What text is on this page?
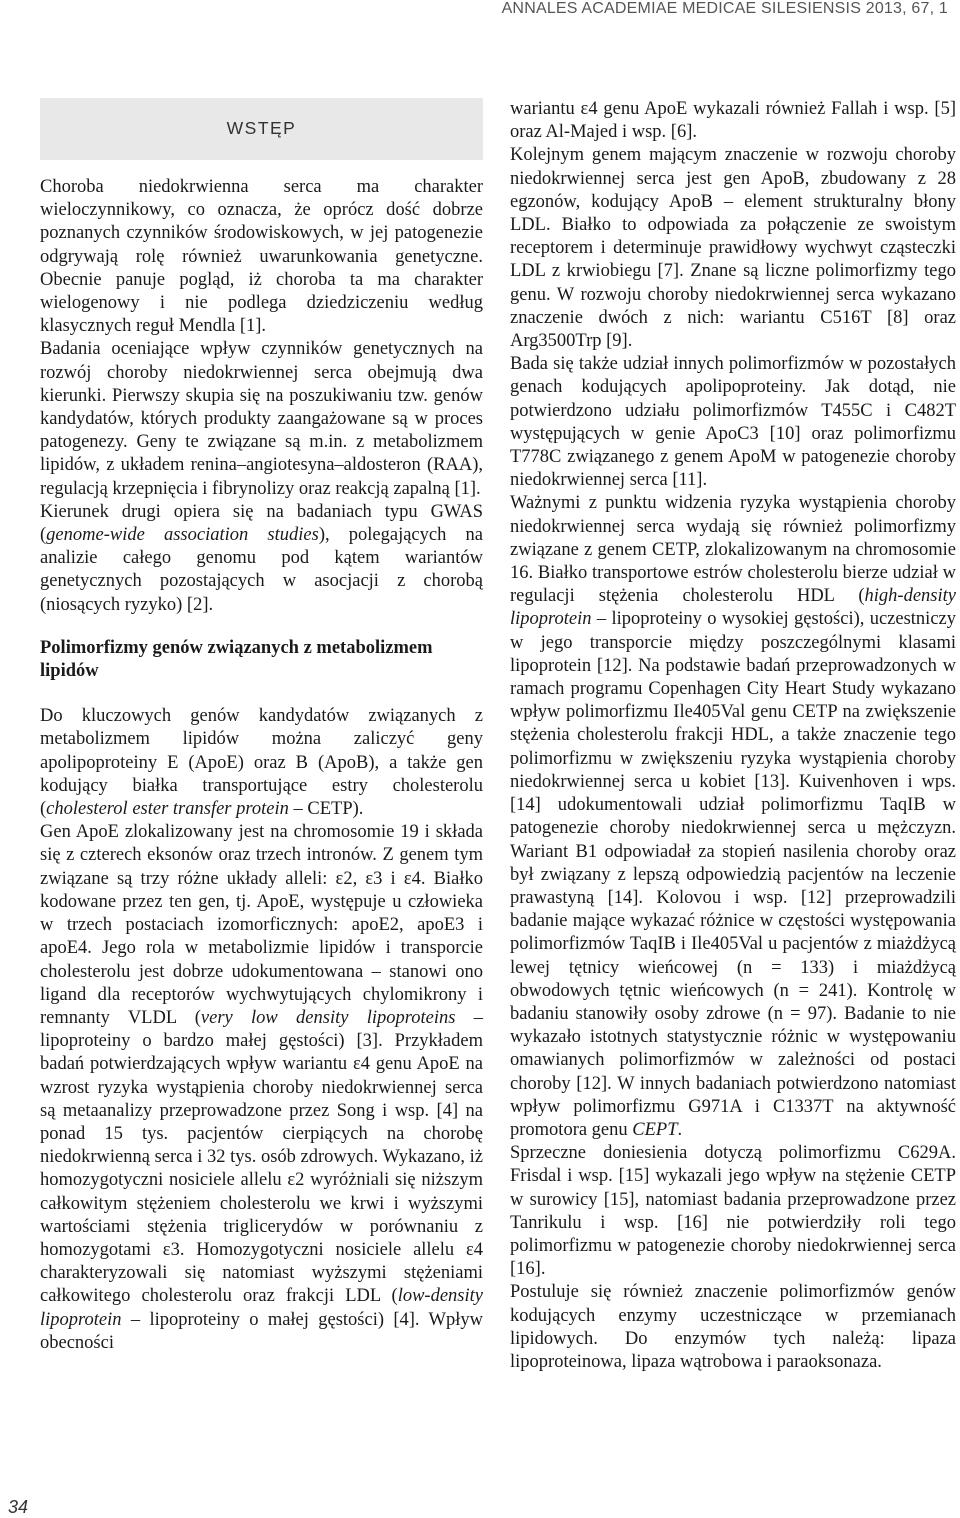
ANNALES ACADEMIAE MEDICAE SILESIENSIS 2013, 67, 1
WSTĘP

Choroba niedokrwienna serca ma charakter wieloczynnikowy, co oznacza, że oprócz dość dobrze poznanych czynników środowiskowych, w jej patogenezie odgrywają rolę również uwarunkowania genetyczne. Obecnie panuje pogląd, iż choroba ta ma charakter wielogenowy i nie podlega dziedziczeniu według klasycznych reguł Mendla [1].

Badania oceniające wpływ czynników genetycznych na rozwój choroby niedokrwiennej serca obejmują dwa kierunki. Pierwszy skupia się na poszukiwaniu tzw. genów kandydatów, których produkty zaangażowane są w proces patogenezy. Geny te związane są m.in. z metabolizmem lipidów, z układem renina–angiotesyna–aldosteron (RAA), regulacją krzepnięcia i fibrynolizy oraz reakcją zapalną [1].

Kierunek drugi opiera się na badaniach typu GWAS (genome-wide association studies), polegających na analizie całego genomu pod kątem wariantów genetycznych pozostających w asocjacji z chorobą (niosących ryzyko) [2].

Polimorfizmy genów związanych z metabolizmem lipidów

Do kluczowych genów kandydatów związanych z metabolizmem lipidów można zaliczyć geny apolipoproteiny E (ApoE) oraz B (ApoB), a także gen kodujący białka transportujące estry cholesterolu (cholesterol ester transfer protein – CETP).

Gen ApoE zlokalizowany jest na chromosomie 19 i składa się z czterech eksonów oraz trzech intronów. Z genem tym związane są trzy różne układy alleli: ε2, ε3 i ε4. Białko kodowane przez ten gen, tj. ApoE, występuje u człowieka w trzech postaciach izomorficznych: apoE2, apoE3 i apoE4. Jego rola w metabolizmie lipidów i transporcie cholesterolu jest dobrze udokumentowana – stanowi ono ligand dla receptorów wychwytujących chylomikrony i remnanty VLDL (very low density lipoproteins – lipoproteiny o bardzo małej gęstości) [3]. Przykładem badań potwierdzających wpływ wariantu ε4 genu ApoE na wzrost ryzyka wystąpienia choroby niedokrwiennej serca są metaanalizy przeprowadzone przez Song i wsp. [4] na ponad 15 tys. pacjentów cierpiących na chorobę niedokrwienną serca i 32 tys. osób zdrowych. Wykazano, iż homozygotyczni nosiciele allelu ε2 wyróżniali się niższym całkowitym stężeniem cholesterolu we krwi i wyższymi wartościami stężenia triglicerydów w porównaniu z homozygotami ε3. Homozygotyczni nosiciele allelu ε4 charakteryzowali się natomiast wyższymi stężeniami całkowitego cholesterolu oraz frakcji LDL (low-density lipoprotein – lipoproteiny o małej gęstości) [4]. Wpływ obecności

wariantu ε4 genu ApoE wykazali również Fallah i wsp. [5] oraz Al-Majed i wsp. [6].

Kolejnym genem mającym znaczenie w rozwoju choroby niedokrwiennej serca jest gen ApoB, zbudowany z 28 egzonów, kodujący ApoB – element strukturalny błony LDL. Białko to odpowiada za połączenie ze swoistym receptorem i determinuje prawidłowy wychwyt cząsteczki LDL z krwiobiegu [7]. Znane są liczne polimorfizmy tego genu. W rozwoju choroby niedokrwiennej serca wykazano znaczenie dwóch z nich: wariantu C516T [8] oraz Arg3500Trp [9].

Bada się także udział innych polimorfizmów w pozostałych genach kodujących apolipoproteiny. Jak dotąd, nie potwierdzono udziału polimorfizmów T455C i C482T występujących w genie ApoC3 [10] oraz polimorfizmu T778C związanego z genem ApoM w patogenezie choroby niedokrwiennej serca [11].

Ważnymi z punktu widzenia ryzyka wystąpienia choroby niedokrwiennej serca wydają się również polimorfizmy związane z genem CETP, zlokalizowanym na chromosomie 16. Białko transportowe estrów cholesterolu bierze udział w regulacji stężenia cholesterolu HDL (high-density lipoprotein – lipoproteiny o wysokiej gęstości), uczestniczy w jego transporcie między poszczególnymi klasami lipoprotein [12]. Na podstawie badań przeprowadzonych w ramach programu Copenhagen City Heart Study wykazano wpływ polimorfizmu Ile405Val genu CETP na zwiększenie stężenia cholesterolu frakcji HDL, a także znaczenie tego polimorfizmu w zwiększeniu ryzyka wystąpienia choroby niedokrwiennej serca u kobiet [13]. Kuivenhoven i wps. [14] udokumentowali udział polimorfizmu TaqIB w patogenezie choroby niedokrwiennej serca u mężczyzn. Wariant B1 odpowiadał za stopień nasilenia choroby oraz był związany z lepszą odpowiedzią pacjentów na leczenie prawastyną [14]. Kolovou i wsp. [12] przeprowadzili badanie mające wykazać różnice w częstości występowania polimorfizmów TaqIB i Ile405Val u pacjentów z miażdżycą lewej tętnicy wieńcowej (n = 133) i miażdżycą obwodowych tętnic wieńcowych (n = 241). Kontrolę w badaniu stanowiły osoby zdrowe (n = 97). Badanie to nie wykazało istotnych statystycznie różnic w występowaniu omawianych polimorfizmów w zależności od postaci choroby [12]. W innych badaniach potwierdzono natomiast wpływ polimorfizmu G971A i C1337T na aktywność promotora genu CEPT.

Sprzeczne doniesienia dotyczą polimorfizmu C629A. Frisdal i wsp. [15] wykazali jego wpływ na stężenie CETP w surowicy [15], natomiast badania przeprowadzone przez Tanrikulu i wsp. [16] nie potwierdziły roli tego polimorfizmu w patogenezie choroby niedokrwiennej serca [16].

Postuluje się również znaczenie polimorfizmów genów kodujących enzymy uczestniczące w przemianach lipidowych. Do enzymów tych należą: lipaza lipoproteinowa, lipaza wątrobowa i paraoksonaza.

34
